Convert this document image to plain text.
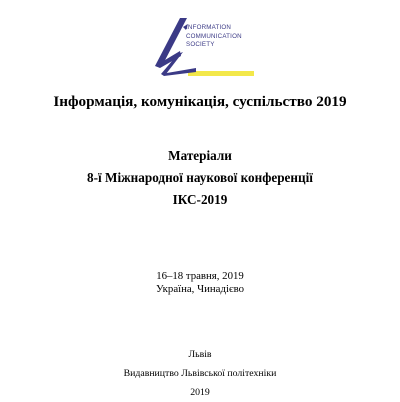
INFORMATION
COMMUNICATION
SOCIETY
Інформація, комунікація, суспільство 2019
Матеріали
8-ї Міжнародної наукової конференції
ІКС-2019
16–18 травня, 2019
Україна, Чинадієво
Львів
Видавництво Львівської політехніки
2019
